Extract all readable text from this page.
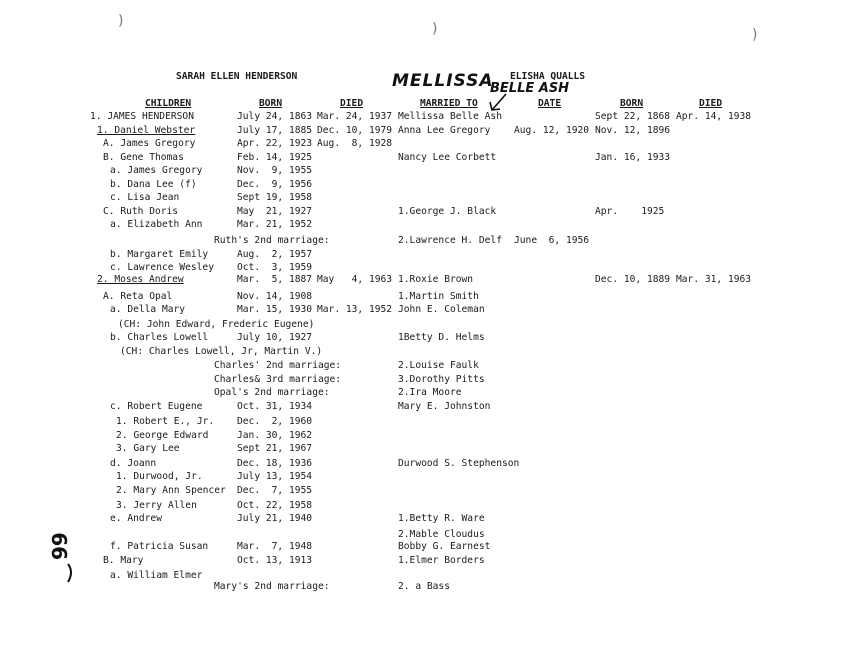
)	)	)
SARAH ELLEN HENDERSON	ELISHA QUALLS
MELLISSA
BELLE ASH
CHILDREN	BORN	DIED	MARRIED TO	DATE	BORN	DIED
1. JAMES HENDERSON	July 24, 1863 Mar. 24, 1937 Mellissa Belle Ash	Sept 22, 1868 Apr. 14, 1938
1. Daniel Webster	July 17, 1885 Dec. 10, 1979 Anna Lee Gregory Aug. 12, 1920 Nov. 12, 1896
A. James Gregory	Apr. 22, 1923 Aug.  8, 1928
B. Gene Thomas	Feb. 14, 1925	Nancy Lee Corbett	Jan. 16, 1933
a. James Gregory	Nov.  9, 1955
b. Dana Lee (f)	Dec.  9, 1956
c. Lisa Jean	Sept 19, 1958
C. Ruth Doris	May  21, 1927	1.George J. Black	Apr.    1925
a. Elizabeth Ann	Mar. 21, 1952
Ruth's 2nd marriage:	2.Lawrence H. Delf June  6, 1956
b. Margaret Emily	Aug.  2, 1957
c. Lawrence Wesley Oct.  3, 1959
2. Moses Andrew	Mar.  5, 1887 May   4, 1963 1.Roxie Brown	Dec. 10, 1889 Mar. 31, 1963
A. Reta Opal	Nov. 14, 1908	1.Martin Smith
a. Della Mary	Mar. 15, 1930 Mar. 13, 1952 John E. Coleman
(CH: John Edward, Frederic Eugene)
b. Charles Lowell	July 10, 1927	1Betty D. Helms
(CH: Charles Lowell, Jr, Martin V.)
Charles' 2nd marriage:	2.Louise Faulk
Charles& 3rd marriage:	3.Dorothy Pitts
Opal's 2nd marriage:	2.Ira Moore
c. Robert Eugene	Oct. 31, 1934	Mary E. Johnston
1. Robert E., Jr. Dec.  2, 1960
2. George Edward	Jan. 30, 1962
3. Gary Lee	Sept 21, 1967
d. Joann	Dec. 18, 1936	Durwood S. Stephenson
1. Durwood, Jr.	July 13, 1954
2. Mary Ann Spencer Dec.  7, 1955
3. Jerry Allen	Oct. 22, 1958
e. Andrew	July 21, 1940	1.Betty R. Ware
2.Mable Cloudus
f. Patricia Susan	Mar.  7, 1948	Bobby G. Earnest
B. Mary	Oct. 13, 1913	1.Elmer Borders
a. William Elmer
Mary's 2nd marriage:	2. a Bass
99
